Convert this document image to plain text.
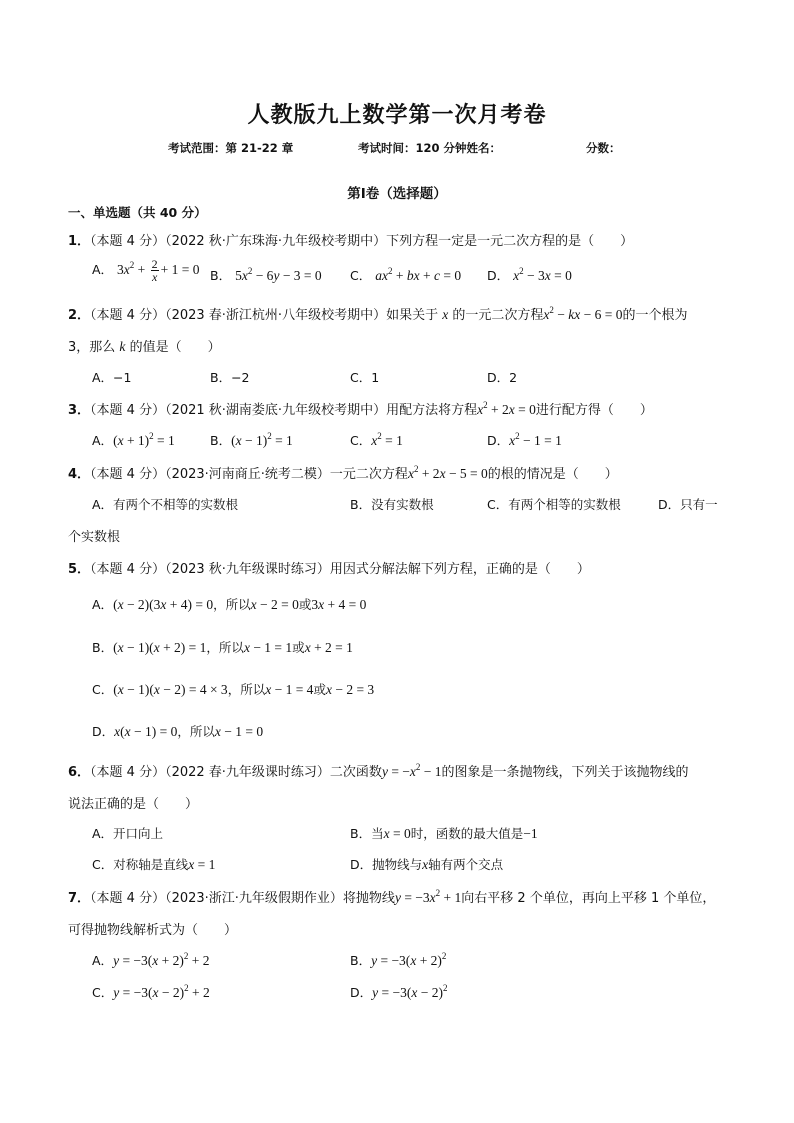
人教版九上数学第一次月考卷
考试范围：第 21-22 章	考试时间：120 分钟姓名：	分数：
第Ⅰ卷（选择题）
一、单选题（共 40 分）
1．（本题 4 分）（2022 秋·广东珠海·九年级校考期中）下列方程一定是一元二次方程的是（　　）
A． $3x^2 + \frac{2}{x} + 1 = 0$ B． $5x^2 - 6y - 3 = 0$ C． $ax^2$ + bx + c = 0 D． $x^2 - 3x = 0$
2．（本题 4 分）（2023 春·浙江杭州·八年级校考期中）如果关于 x 的一元二次方程$x^2$ − kx − 6 = 0的一个根为
3，那么 k 的值是（　　）
A．−1	B．−2	C．1	D．2
3．（本题 4 分）（2021 秋·湖南娄底·九年级校考期中）用配方法将方程$x^2 + 2x = 0$进行配方得（　　）
A．$(x + 1)^2 = 1$	B．$(x - 1)^2 = 1$	C．$x^2 = 1$	D．$x^2 - 1 = 1$
4．（本题 4 分）（2023·河南商丘·统考二模）一元二次方程$x^2 + 2x - 5 = 0$的根的情况是（　　）
A．有两个不相等的实数根	B．没有实数根	C．有两个相等的实数根	D．只有一
个实数根
5．（本题 4 分）（2023 秋·九年级课时练习）用因式分解法解下列方程，正确的是（　　）
A．(x − 2)(3x + 4) = 0，所以x − 2 = 0或3x + 4 = 0
B．(x − 1)(x + 2) = 1，所以x − 1 = 1或x + 2 = 1
C．(x − 1)(x − 2) = 4 × 3，所以x − 1 = 4或x − 2 = 3
D．x(x − 1) = 0，所以x − 1 = 0
6．（本题 4 分）（2022 春·九年级课时练习）二次函数$y = -x^2 - 1$的图象是一条抛物线，下列关于该抛物线的
说法正确的是（　　）
A．开口向上	B．当x = 0时，函数的最大值是−1
C．对称轴是直线x = 1	D．抛物线与x轴有两个交点
7．（本题 4 分）（2023·浙江·九年级假期作业）将抛物线$y = -3x^2 + 1$向右平移 2 个单位，再向上平移 1 个单位，
可得抛物线解析式为（　　）
A．$y = -3(x + 2)^2 + 2$	B．$y = -3(x + 2)^2$
C．$y = -3(x - 2)^2 + 2$	D．$y = -3(x - 2)^2$
